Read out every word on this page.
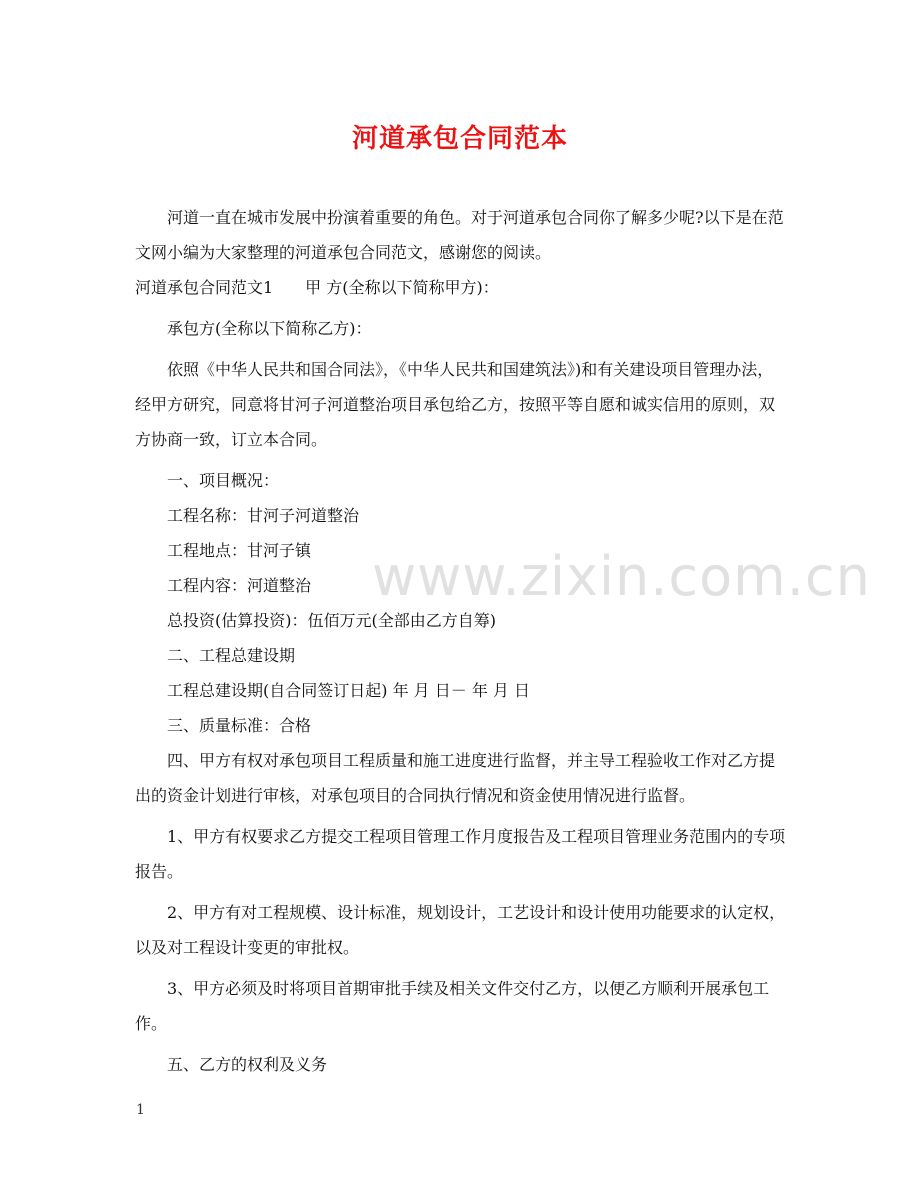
河道承包合同范本

河道一直在城市发展中扮演着重要的角色。对于河道承包合同你了解多少呢?以下是在范文网小编为大家整理的河道承包合同范文，感谢您的阅读。

河道承包合同范文1　　甲 方(全称以下简称甲方)：

承包方(全称以下简称乙方)：

依照《中华人民共和国合同法》，《中华人民共和国建筑法》)和有关建设项目管理办法，经甲方研究，同意将甘河子河道整治项目承包给乙方，按照平等自愿和诚实信用的原则，双方协商一致，订立本合同。

一、项目概况：

工程名称：甘河子河道整治

工程地点：甘河子镇

工程内容：河道整治

总投资(估算投资)：伍佰万元(全部由乙方自筹)

二、工程总建设期

工程总建设期(自合同签订日起) 年 月 日－ 年 月 日

三、质量标准：合格

四、甲方有权对承包项目工程质量和施工进度进行监督，并主导工程验收工作对乙方提出的资金计划进行审核，对承包项目的合同执行情况和资金使用情况进行监督。

1、甲方有权要求乙方提交工程项目管理工作月度报告及工程项目管理业务范围内的专项报告。

2、甲方有对工程规模、设计标准，规划设计，工艺设计和设计使用功能要求的认定权，以及对工程设计变更的审批权。

3、甲方必须及时将项目首期审批手续及相关文件交付乙方，以便乙方顺利开展承包工作。

五、乙方的权利及义务

www.zixin.com.cn
1
